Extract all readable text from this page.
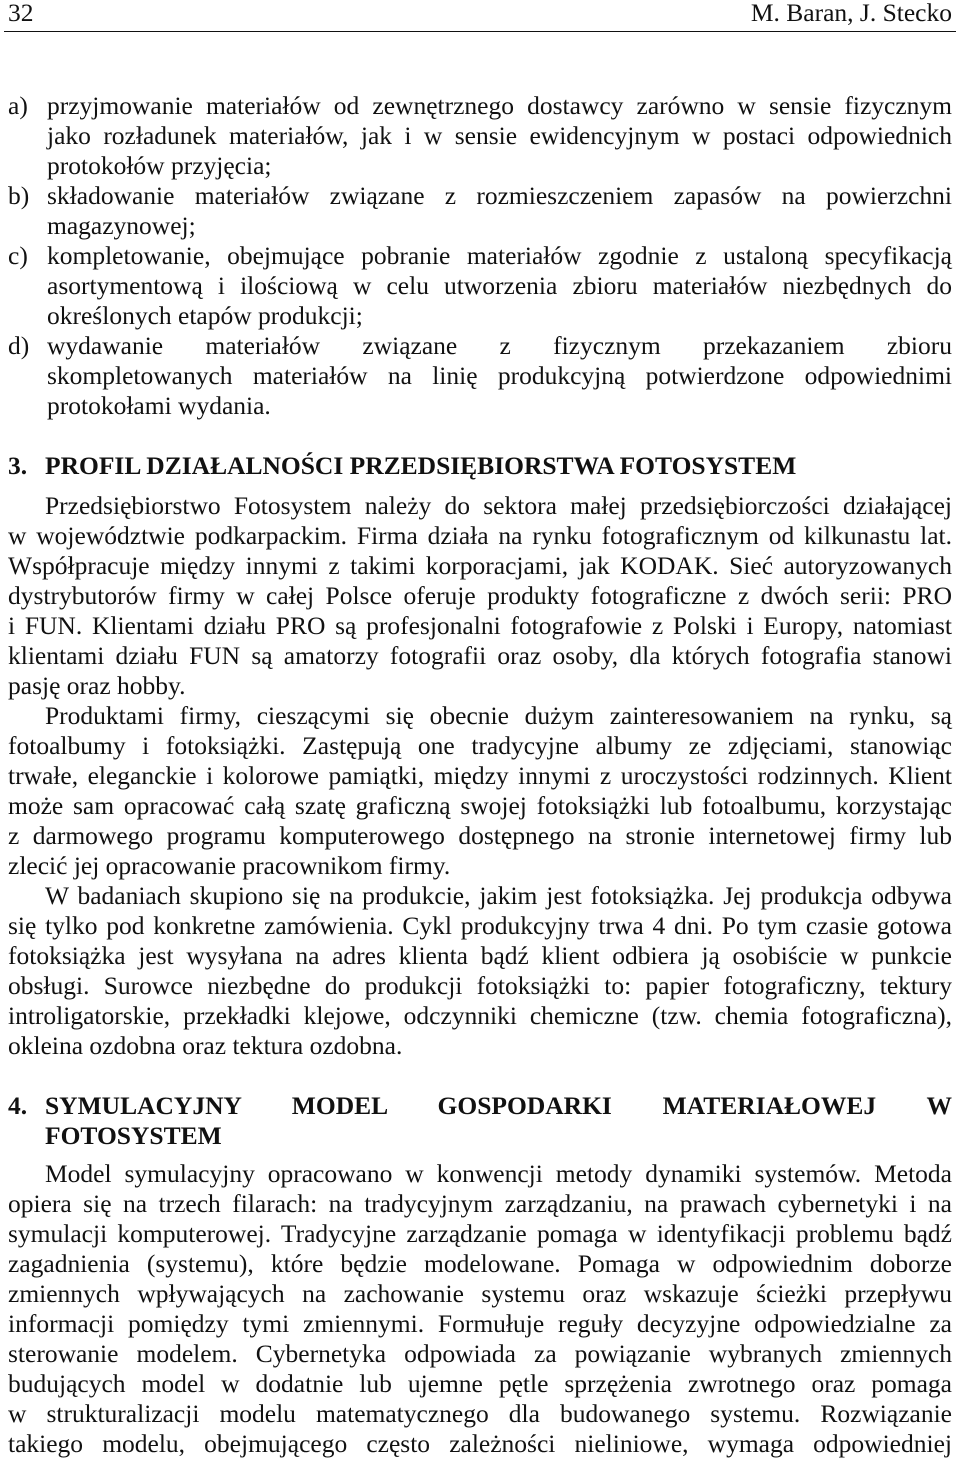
32	M. Baran, J. Stecko
a) przyjmowanie materiałów od zewnętrznego dostawcy zarówno w sensie fizycznym
jako rozładunek materiałów, jak i w sensie ewidencyjnym w postaci odpowiednich
protokołów przyjęcia;
b) składowanie materiałów związane z rozmieszczeniem zapasów na powierzchni
magazynowej;
c) kompletowanie, obejmujące pobranie materiałów zgodnie z ustaloną specyfikacją
asortymentową i ilościową w celu utworzenia zbioru materiałów niezbędnych do
określonych etapów produkcji;
d) wydawanie materiałów związane z fizycznym przekazaniem zbioru
skompletowanych materiałów na linię produkcyjną potwierdzone odpowiednimi
protokołami wydania.
3. PROFIL DZIAŁALNOŚCI PRZEDSIĘBIORSTWA FOTOSYSTEM
Przedsiębiorstwo Fotosystem należy do sektora małej przedsiębiorczości działającej
w województwie podkarpackim. Firma działa na rynku fotograficznym od kilkunastu lat.
Współpracuje między innymi z takimi korporacjami, jak KODAK. Sieć autoryzowanych
dystrybutorów firmy w całej Polsce oferuje produkty fotograficzne z dwóch serii: PRO
i FUN. Klientami działu PRO są profesjonalni fotografowie z Polski i Europy, natomiast
klientami działu FUN są amatorzy fotografii oraz osoby, dla których fotografia stanowi
pasję oraz hobby.
Produktami firmy, cieszącymi się obecnie dużym zainteresowaniem na rynku, są
fotoalbumy i fotoksiążki. Zastępują one tradycyjne albumy ze zdjęciami, stanowiąc
trwałe, eleganckie i kolorowe pamiątki, między innymi z uroczystości rodzinnych. Klient
może sam opracować całą szatę graficzną swojej fotoksiążki lub fotoalbumu, korzystając
z darmowego programu komputerowego dostępnego na stronie internetowej firmy lub
zlecić jej opracowanie pracownikom firmy.
W badaniach skupiono się na produkcie, jakim jest fotoksiążka. Jej produkcja odbywa
się tylko pod konkretne zamówienia. Cykl produkcyjny trwa 4 dni. Po tym czasie gotowa
fotoksiążka jest wysyłana na adres klienta bądź klient odbiera ją osobiście w punkcie
obsługi. Surowce niezbędne do produkcji fotoksiążki to: papier fotograficzny, tektury
introligatorskie, przekładki klejowe, odczynniki chemiczne (tzw. chemia fotograficzna),
okleina ozdobna oraz tektura ozdobna.
4. SYMULACYJNY MODEL GOSPODARKI MATERIAŁOWEJ W
FOTOSYSTEM
Model symulacyjny opracowano w konwencji metody dynamiki systemów. Metoda
opiera się na trzech filarach: na tradycyjnym zarządzaniu, na prawach cybernetyki i na
symulacji komputerowej. Tradycyjne zarządzanie pomaga w identyfikacji problemu bądź
zagadnienia (systemu), które będzie modelowane. Pomaga w odpowiednim doborze
zmiennych wpływających na zachowanie systemu oraz wskazuje ścieżki przepływu
informacji pomiędzy tymi zmiennymi. Formułuje reguły decyzyjne odpowiedzialne za
sterowanie modelem. Cybernetyka odpowiada za powiązanie wybranych zmiennych
budujących model w dodatnie lub ujemne pętle sprzężenia zwrotnego oraz pomaga
w strukturalizacji modelu matematycznego dla budowanego systemu. Rozwiązanie
takiego modelu, obejmującego często zależności nieliniowe, wymaga odpowiedniej
